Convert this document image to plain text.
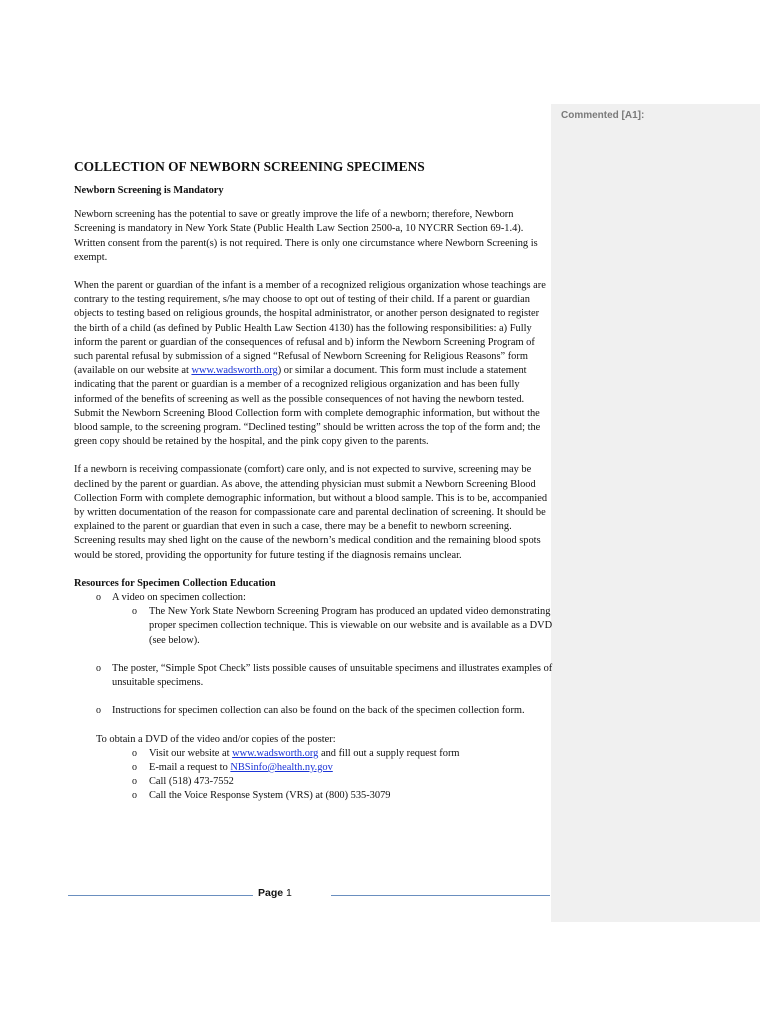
Commented [A1]:
COLLECTION OF NEWBORN SCREENING SPECIMENS
Newborn Screening is Mandatory
Newborn screening has the potential to save or greatly improve the life of a newborn; therefore, Newborn Screening is mandatory in New York State (Public Health Law Section 2500-a, 10 NYCRR Section 69-1.4). Written consent from the parent(s) is not required. There is only one circumstance where Newborn Screening is exempt.
When the parent or guardian of the infant is a member of a recognized religious organization whose teachings are contrary to the testing requirement, s/he may choose to opt out of testing of their child. If a parent or guardian objects to testing based on religious grounds, the hospital administrator, or another person designated to register the birth of a child (as defined by Public Health Law Section 4130) has the following responsibilities: a) Fully inform the parent or guardian of the consequences of refusal and b) inform the Newborn Screening Program of such parental refusal by submission of a signed “Refusal of Newborn Screening for Religious Reasons” form (available on our website at www.wadsworth.org) or similar a document. This form must include a statement indicating that the parent or guardian is a member of a recognized religious organization and has been fully informed of the benefits of screening as well as the possible consequences of not having the newborn tested. Submit the Newborn Screening Blood Collection form with complete demographic information, but without the blood sample, to the screening program. “Declined testing” should be written across the top of the form and; the green copy should be retained by the hospital, and the pink copy given to the parents.
If a newborn is receiving compassionate (comfort) care only, and is not expected to survive, screening may be declined by the parent or guardian. As above, the attending physician must submit a Newborn Screening Blood Collection Form with complete demographic information, but without a blood sample. This is to be, accompanied by written documentation of the reason for compassionate care and parental declination of screening. It should be explained to the parent or guardian that even in such a case, there may be a benefit to newborn screening. Screening results may shed light on the cause of the newborn’s medical condition and the remaining blood spots would be stored, providing the opportunity for future testing if the diagnosis remains unclear.
Resources for Specimen Collection Education
o A video on specimen collection:
o The New York State Newborn Screening Program has produced an updated video demonstrating proper specimen collection technique. This is viewable on our website and is available as a DVD (see below).
o The poster, “Simple Spot Check” lists possible causes of unsuitable specimens and illustrates examples of unsuitable specimens.
o Instructions for specimen collection can also be found on the back of the specimen collection form.
To obtain a DVD of the video and/or copies of the poster:
o Visit our website at www.wadsworth.org and fill out a supply request form
o E-mail a request to NBSinfo@health.ny.gov
o Call (518) 473-7552
o Call the Voice Response System (VRS) at (800) 535-3079
Page 1
